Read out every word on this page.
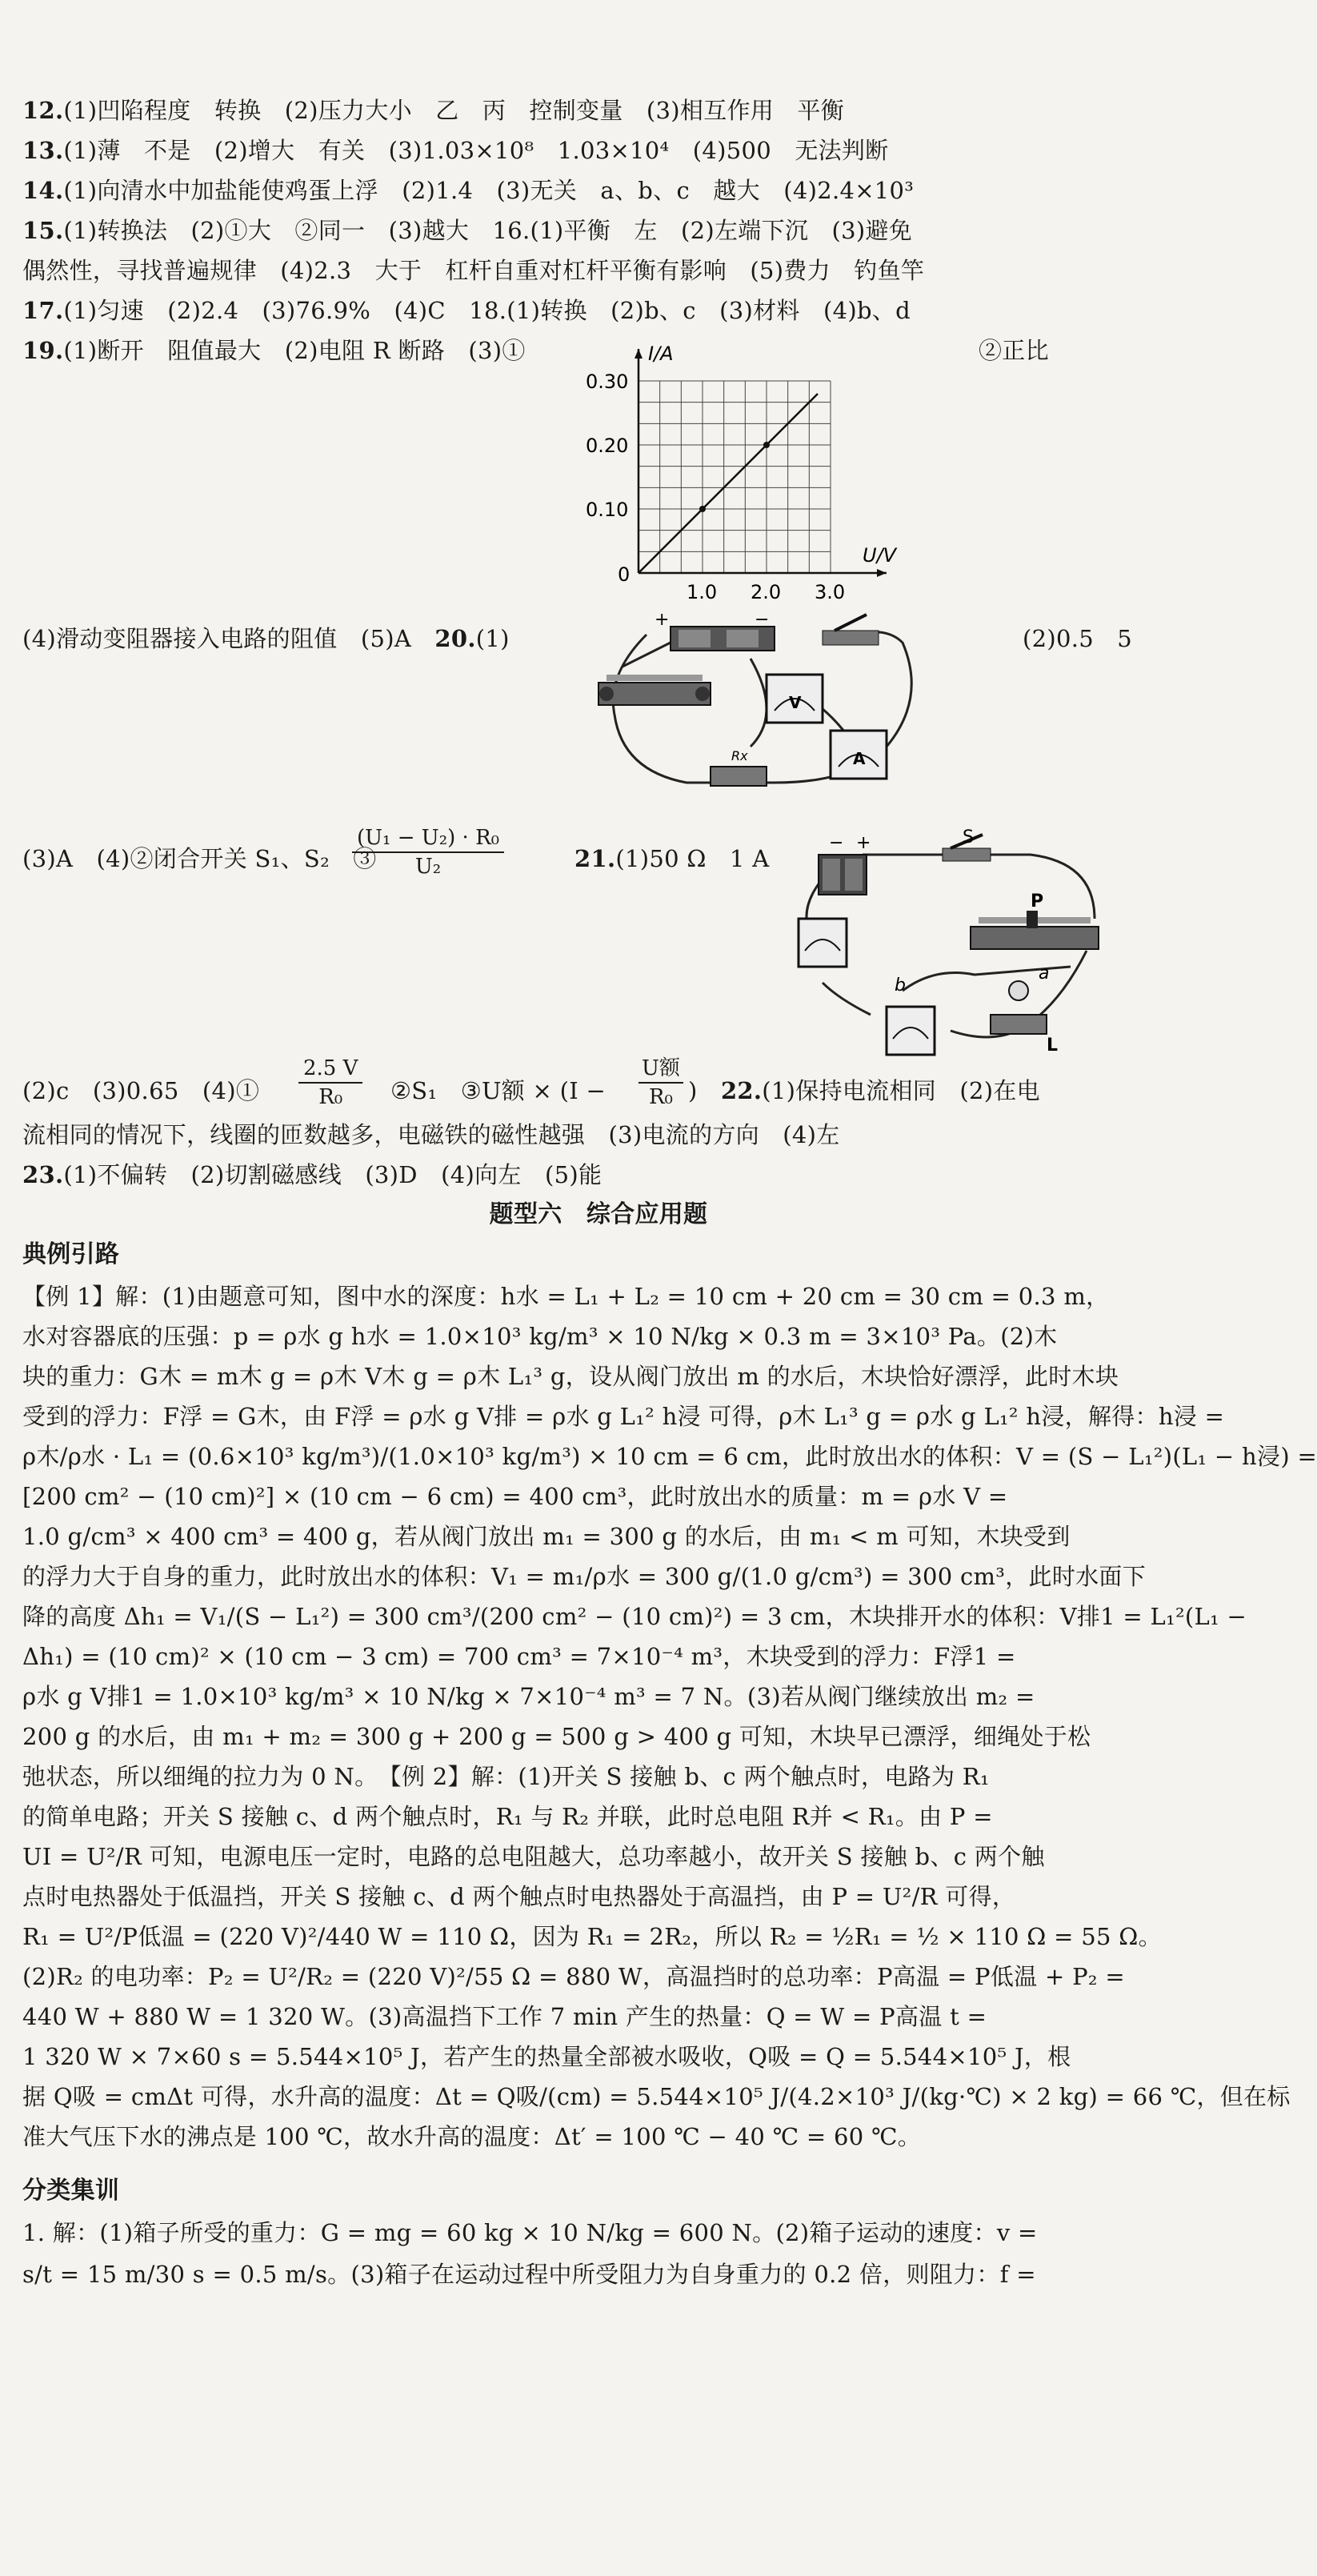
12.(1)凹陷程度　转换　(2)压力大小　乙　丙　控制变量　(3)相互作用　平衡
13.(1)薄　不是　(2)增大　有关　(3)1.03×10⁸　1.03×10⁴　(4)500　无法判断
14.(1)向清水中加盐能使鸡蛋上浮　(2)1.4　(3)无关　a、b、c　越大　(4)2.4×10³
15.(1)转换法　(2)①大　②同一　(3)越大　16.(1)平衡　左　(2)左端下沉　(3)避免
偶然性，寻找普遍规律　(4)2.3　大于　杠杆自重对杠杆平衡有影响　(5)费力　钓鱼竿
17.(1)匀速　(2)2.4　(3)76.9%　(4)C　18.(1)转换　(2)b、c　(3)材料　(4)b、d
19.(1)断开　阻值最大　(2)电阻 R 断路　(3)①	②正比
1.0 2.0 3.0
0.10
0.20
0.30
0
U/V
I/A
(4)滑动变阻器接入电路的阻值　(5)A　20.(1)	(2)0.5　5
V
A
Rx
+	−
(3)A　(4)②闭合开关 S₁、S₂　③
$\frac{\text{(U₁ − U₂) · R₀}}{\text{U₂}}$	21.(1)50 Ω　1 A
− +	S
P
b
a
L
(2)c　(3)0.65　(4)① $\frac{2.5 V}{\text{R₀}}$ ②S₁　③U额 × (I −
U额
R₀ )　 22.(1)保持电流相同　(2)在电
流相同的情况下，线圈的匝数越多，电磁铁的磁性越强　(3)电流的方向　(4)左
23.(1)不偏转　(2)切割磁感线　(3)D　(4)向左　(5)能
题型六　综合应用题
典例引路
【例 1】解：(1)由题意可知，图中水的深度：h水 = L₁ + L₂ = 10 cm + 20 cm = 30 cm = 0.3 m，
水对容器底的压强：p = ρ水 g h水 = 1.0×10³ kg/m³ × 10 N/kg × 0.3 m = 3×10³ Pa。(2)木
块的重力：G木 = m木 g = ρ木 V木 g = ρ木 L₁³ g，设从阀门放出 m 的水后，木块恰好漂浮，此时木块
受到的浮力：F浮 = G木，由 F浮 = ρ水 g V排 = ρ水 g L₁² h浸 可得，ρ木 L₁³ g = ρ水 g L₁² h浸，解得：h浸 =
ρ木/ρ水 · L₁ = (0.6×10³ kg/m³)/(1.0×10³ kg/m³) × 10 cm = 6 cm，此时放出水的体积：V = (S − L₁²)(L₁ − h浸) =
[200 cm² − (10 cm)²] × (10 cm − 6 cm) = 400 cm³，此时放出水的质量：m = ρ水 V =
1.0 g/cm³ × 400 cm³ = 400 g，若从阀门放出 m₁ = 300 g 的水后，由 m₁ < m 可知，木块受到
的浮力大于自身的重力，此时放出水的体积：V₁ = m₁/ρ水 = 300 g/(1.0 g/cm³) = 300 cm³，此时水面下
降的高度 Δh₁ = V₁/(S − L₁²) = 300 cm³/(200 cm² − (10 cm)²) = 3 cm，木块排开水的体积：V排1 = L₁²(L₁ −
Δh₁) = (10 cm)² × (10 cm − 3 cm) = 700 cm³ = 7×10⁻⁴ m³，木块受到的浮力：F浮1 =
ρ水 g V排1 = 1.0×10³ kg/m³ × 10 N/kg × 7×10⁻⁴ m³ = 7 N。(3)若从阀门继续放出 m₂ =
200 g 的水后，由 m₁ + m₂ = 300 g + 200 g = 500 g > 400 g 可知，木块早已漂浮，细绳处于松
弛状态，所以细绳的拉力为 0 N。　【例 2】解：(1)开关 S 接触 b、c 两个触点时，电路为 R₁
的简单电路；开关 S 接触 c、d 两个触点时，R₁ 与 R₂ 并联，此时总电阻 R并 < R₁。由 P =
UI = U²/R 可知，电源电压一定时，电路的总电阻越大，总功率越小，故开关 S 接触 b、c 两个触
点时电热器处于低温挡，开关 S 接触 c、d 两个触点时电热器处于高温挡，由 P = U²/R 可得，
R₁ = U²/P低温 = (220 V)²/440 W = 110 Ω，因为 R₁ = 2R₂，所以 R₂ = ½R₁ = ½ × 110 Ω = 55 Ω。
(2)R₂ 的电功率：P₂ = U²/R₂ = (220 V)²/55 Ω = 880 W，高温挡时的总功率：P高温 = P低温 + P₂ =
440 W + 880 W = 1 320 W。(3)高温挡下工作 7 min 产生的热量：Q = W = P高温 t =
1 320 W × 7×60 s = 5.544×10⁵ J，若产生的热量全部被水吸收，Q吸 = Q = 5.544×10⁵ J，根
据 Q吸 = cmΔt 可得，水升高的温度：Δt = Q吸/(cm) = 5.544×10⁵ J/(4.2×10³ J/(kg·℃) × 2 kg) = 66 ℃，但在标
准大气压下水的沸点是 100 ℃，故水升高的温度：Δt′ = 100 ℃ − 40 ℃ = 60 ℃。
分类集训
1. 解：(1)箱子所受的重力：G = mg = 60 kg × 10 N/kg = 600 N。(2)箱子运动的速度：v =
s/t = 15 m/30 s = 0.5 m/s。(3)箱子在运动过程中所受阻力为自身重力的 0.2 倍，则阻力：f =
